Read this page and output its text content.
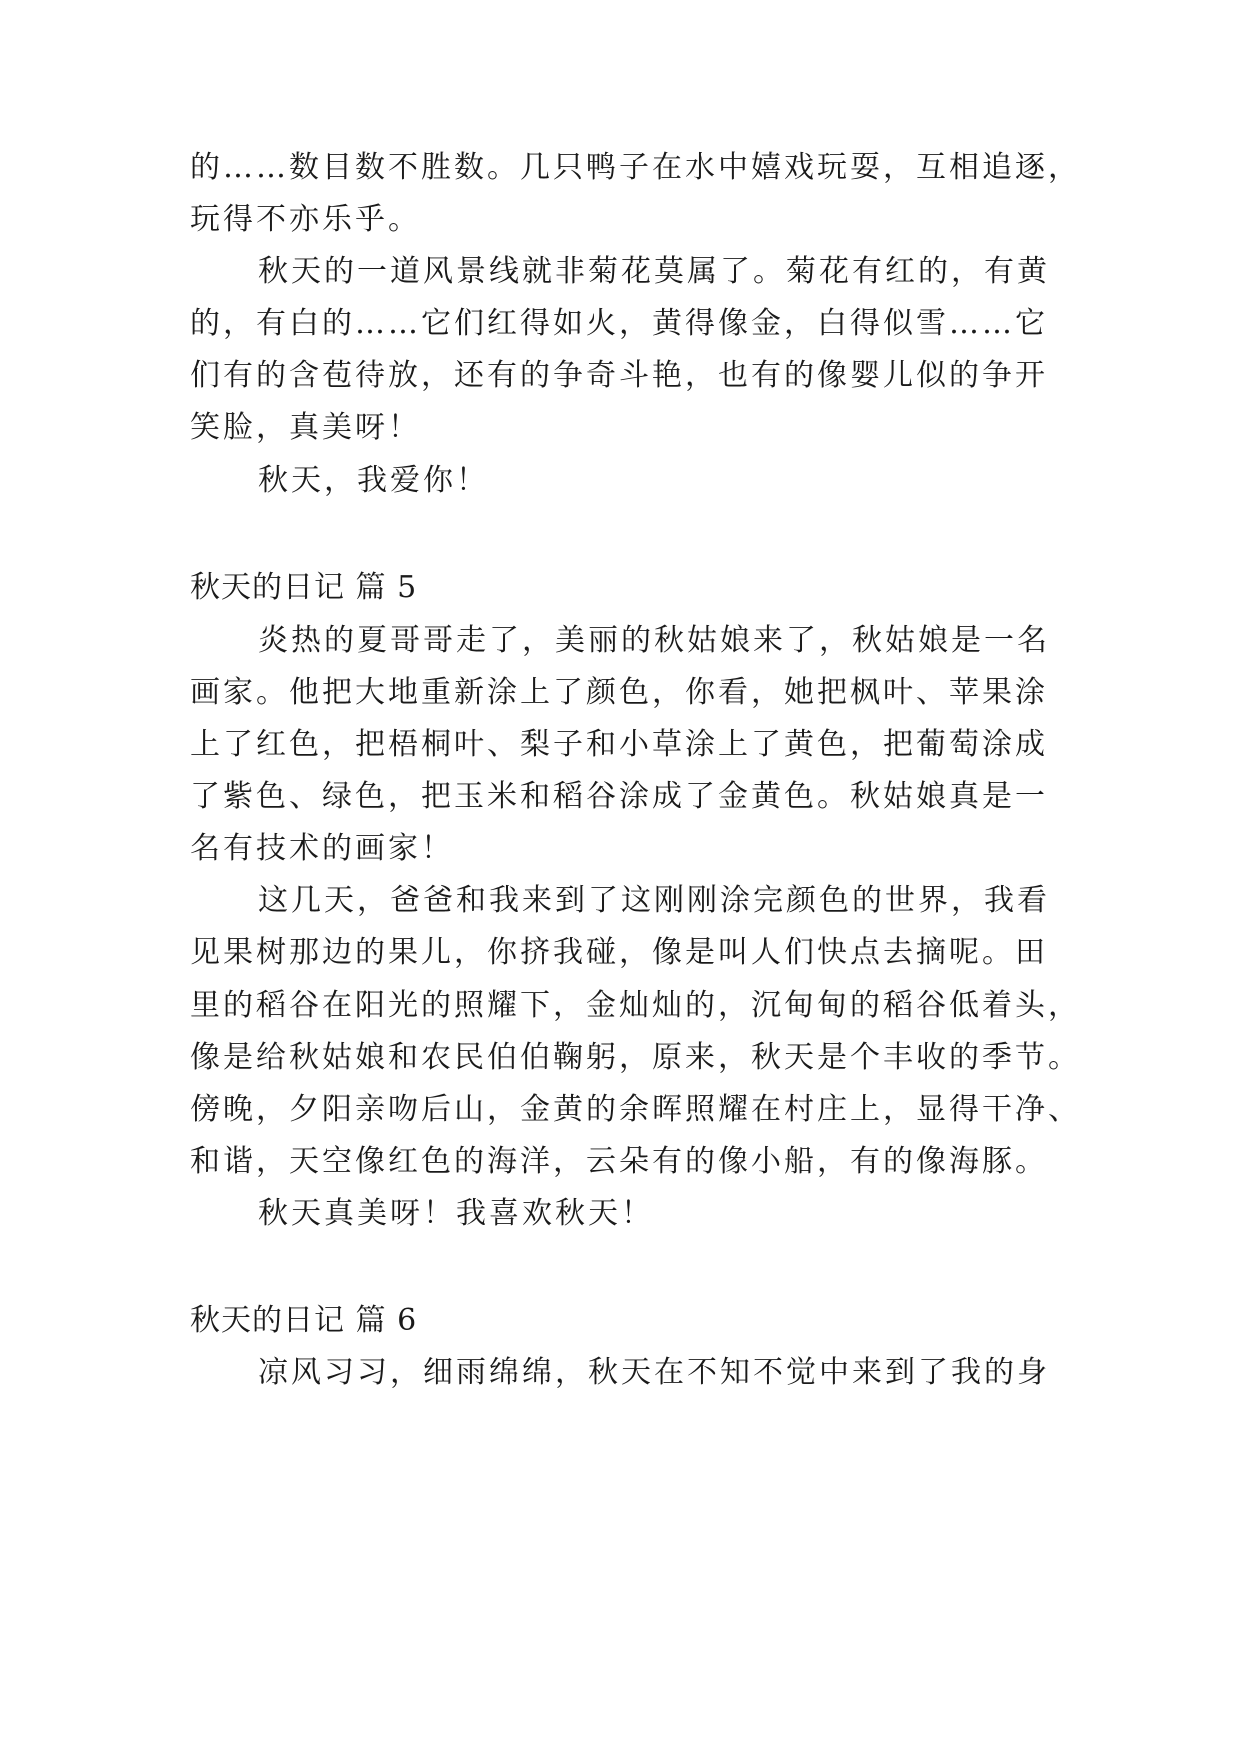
的……数目数不胜数。几只鸭子在水中嬉戏玩耍，互相追逐，
玩得不亦乐乎。
秋天的一道风景线就非菊花莫属了。菊花有红的，有黄
的，有白的……它们红得如火，黄得像金，白得似雪……它
们有的含苞待放，还有的争奇斗艳，也有的像婴儿似的争开
笑脸，真美呀！
秋天，我爱你！
秋天的日记 篇 5
炎热的夏哥哥走了，美丽的秋姑娘来了，秋姑娘是一名
画家。他把大地重新涂上了颜色，你看，她把枫叶、苹果涂
上了红色，把梧桐叶、梨子和小草涂上了黄色，把葡萄涂成
了紫色、绿色，把玉米和稻谷涂成了金黄色。秋姑娘真是一
名有技术的画家！
这几天，爸爸和我来到了这刚刚涂完颜色的世界，我看
见果树那边的果儿，你挤我碰，像是叫人们快点去摘呢。田
里的稻谷在阳光的照耀下，金灿灿的，沉甸甸的稻谷低着头，
像是给秋姑娘和农民伯伯鞠躬，原来，秋天是个丰收的季节。
傍晚，夕阳亲吻后山，金黄的余晖照耀在村庄上，显得干净、
和谐，天空像红色的海洋，云朵有的像小船，有的像海豚。
秋天真美呀！我喜欢秋天！
秋天的日记 篇 6
凉风习习，细雨绵绵，秋天在不知不觉中来到了我的身
